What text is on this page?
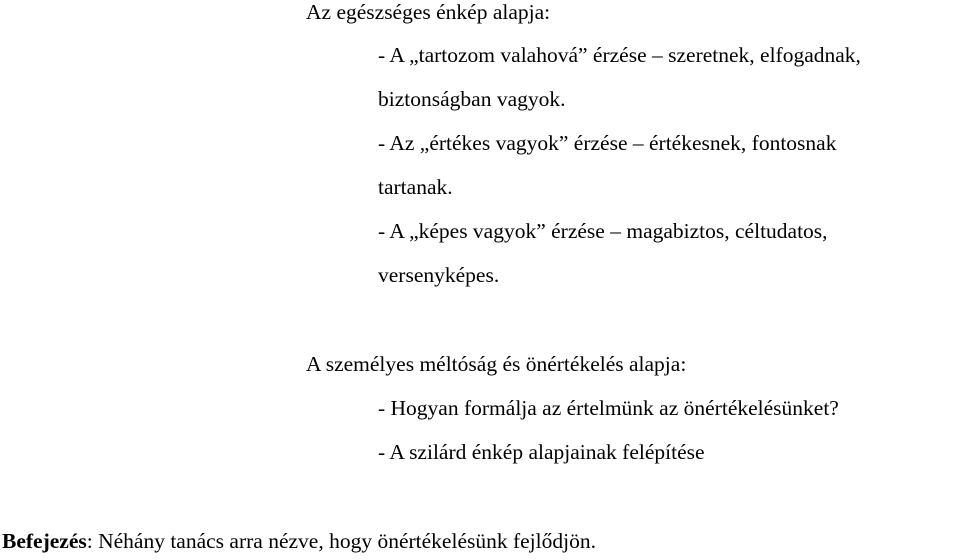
Az egészséges énkép alapja:
- A „tartozom valahová” érzése – szeretnek, elfogadnak,
biztonságban vagyok.
- Az „értékes vagyok” érzése – értékesnek, fontosnak
tartanak.
- A „képes vagyok” érzése – magabiztos, céltudatos,
versenyképes.
A személyes méltóság és önértékelés alapja:
- Hogyan formálja az értelmünk az önértékelésünket?
- A szilárd énkép alapjainak felépítése
Befejezés: Néhány tanács arra nézve, hogy önértékelésünk fejlődjön.
